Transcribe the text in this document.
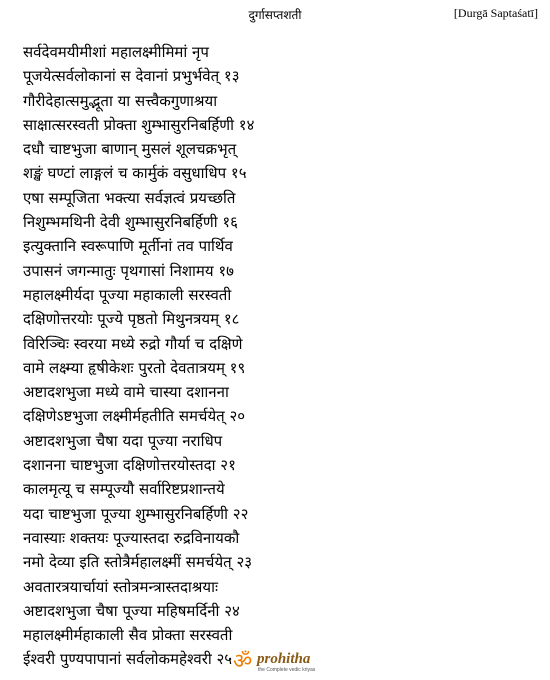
दुर्गासप्तशती	[Durgā Saptaśatī]
सर्वदेवमयीमीशां महालक्ष्मीमिमां नृप
पूजयेत्सर्वलोकानां स देवानां प्रभुर्भवेत् १३
गौरीदेहात्समुद्भूता या सत्त्वैकगुणाश्रया
साक्षात्सरस्वती प्रोक्ता शुम्भासुरनिबर्हिणी १४
दधौ चाष्टभुजा बाणान् मुसलं शूलचक्रभृत्
शङ्खं घण्टां लाङ्गलं च कार्मुकं वसुधाधिप १५
एषा सम्पूजिता भक्त्या सर्वज्ञत्वं प्रयच्छति
निशुम्भमथिनी देवी शुम्भासुरनिबर्हिणी १६
इत्युक्तानि स्वरूपाणि मूर्तीनां तव पार्थिव
उपासनं जगन्मातुः पृथगासां निशामय १७
महालक्ष्मीर्यदा पूज्या महाकाली सरस्वती
दक्षिणोत्तरयोः पूज्ये पृष्ठतो मिथुनत्रयम् १८
विरिञ्चिः स्वरया मध्ये रुद्रो गौर्या च दक्षिणे
वामे लक्ष्म्या हृषीकेशः पुरतो देवतात्रयम् १९
अष्टादशभुजा मध्ये वामे चास्या दशानना
दक्षिणेऽष्टभुजा लक्ष्मीर्महतीति समर्चयेत् २०
अष्टादशभुजा चैषा यदा पूज्या नराधिप
दशानना चाष्टभुजा दक्षिणोत्तरयोस्तदा २१
कालमृत्यू च सम्पूज्यौ सर्वारिष्टप्रशान्तये
यदा चाष्टभुजा पूज्या शुम्भासुरनिबर्हिणी २२
नवास्याः शक्तयः पूज्यास्तदा रुद्रविनायकौ
नमो देव्या इति स्तोत्रैर्महालक्ष्मीं समर्चयेत् २३
अवतारत्रयार्चायां स्तोत्रमन्त्रास्तदाश्रयाः
अष्टादशभुजा चैषा पूज्या महिषमर्दिनी २४
महालक्ष्मीर्महाकाली सैव प्रोक्ता सरस्वती
ईश्वरी पुण्यपापानां सर्वलोकमहेश्वरी २५ ॐ prohitha
the Complete vedic kriyas
